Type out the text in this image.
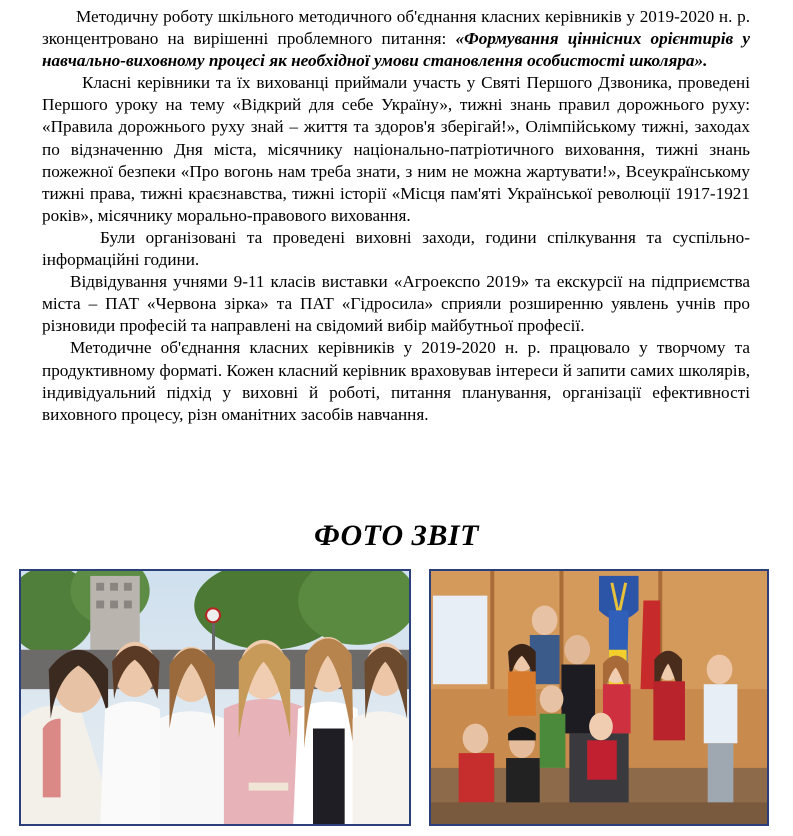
Методичну роботу шкільного методичного об'єднання класних керівників у 2019-2020 н. р. зконцентровано на вирішенні проблемного питання: «Формування ціннісних орієнтирів у навчально-виховному процесі як необхідної умови становлення особистості школяра».

Класні керівники та їх вихованці приймали участь у Святі Першого Дзвоника, проведені Першого уроку на тему «Відкрий для себе Україну», тижні знань правил дорожнього руху: «Правила дорожнього руху знай – життя та здоров'я зберігай!», Олімпійському тижні, заходах по відзначенню Дня міста, місячнику національно-патріотичного виховання, тижні знань пожежної безпеки «Про вогонь нам треба знати, з ним не можна жартувати!», Всеукраїнському тижні права, тижні краєзнавства, тижні історії «Місця пам'яті Української революції 1917-1921 років», місячнику морально-правового виховання.

Були організовані та проведені виховні заходи, години спілкування та суспільно-інформаційні години.

Відвідування учнями 9-11 класів виставки «Агроекспо 2019» та екскурсії на підприємства міста – ПАТ «Червона зірка» та ПАТ «Гідросила» сприяли розширенню уявлень учнів про різновиди професій та направлені на свідомий вибір майбутньої професії.

Методичне об'єднання класних керівників у 2019-2020 н. р. працювало у творчому та продуктивному форматі. Кожен класний керівник враховував інтереси й запити самих школярів, індивідуальний підхід у виховні й роботі, питання планування, організації ефективності виховного процесу, різн оманітних засобів навчання.

ФОТО ЗВІТ
